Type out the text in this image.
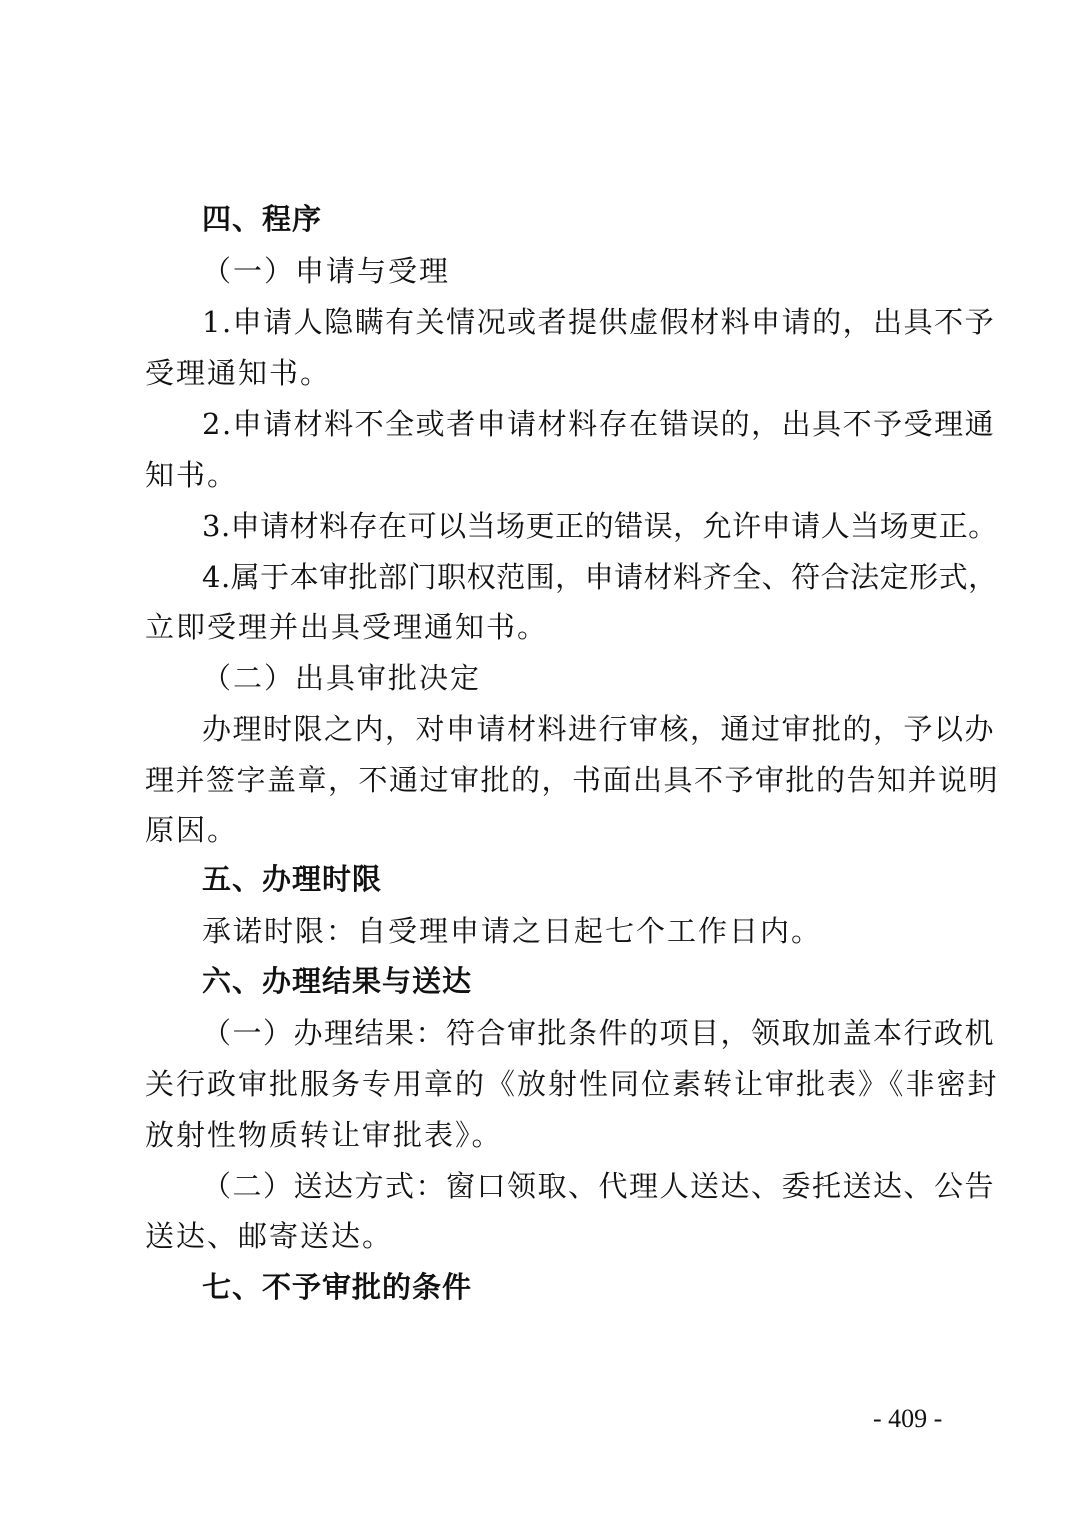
四、程序
（一）申请与受理
1.申请人隐瞒有关情况或者提供虚假材料申请的，出具不予
受理通知书。
2.申请材料不全或者申请材料存在错误的，出具不予受理通
知书。
3.申请材料存在可以当场更正的错误，允许申请人当场更正。
4.属于本审批部门职权范围，申请材料齐全、符合法定形式，
立即受理并出具受理通知书。
（二）出具审批决定
办理时限之内，对申请材料进行审核，通过审批的，予以办
理并签字盖章，不通过审批的，书面出具不予审批的告知并说明
原因。
五、办理时限
承诺时限：自受理申请之日起七个工作日内。
六、办理结果与送达
（一）办理结果：符合审批条件的项目，领取加盖本行政机
关行政审批服务专用章的《放射性同位素转让审批表》《非密封
放射性物质转让审批表》。
（二）送达方式：窗口领取、代理人送达、委托送达、公告
送达、邮寄送达。
七、不予审批的条件
- 409 -
